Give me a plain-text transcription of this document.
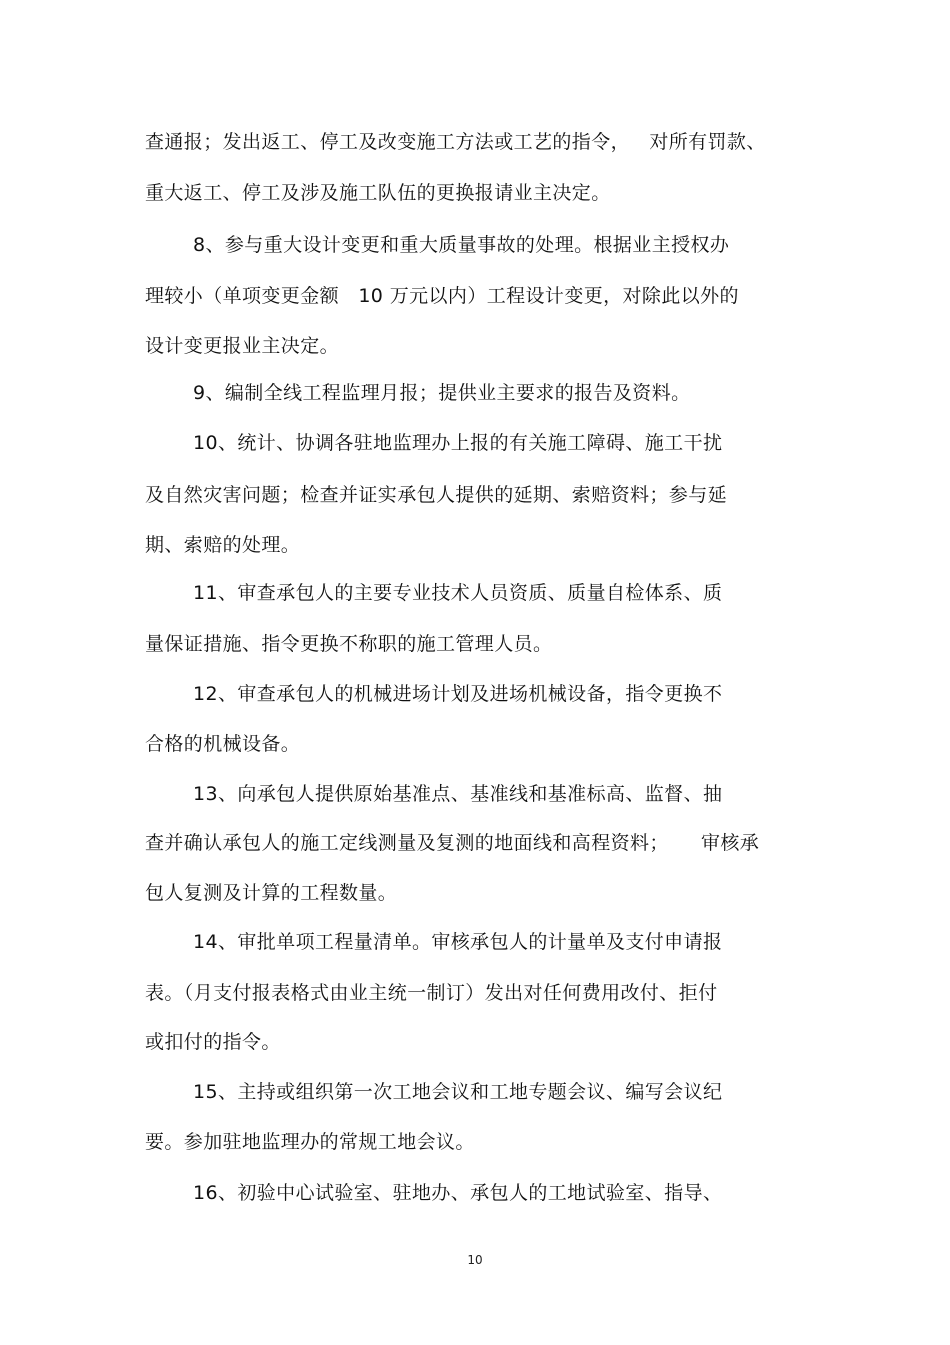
查通报；发出返工、停工及改变施工方法或工艺的指令，   对所有罚款、
重大返工、停工及涉及施工队伍的更换报请业主决定。
8、参与重大设计变更和重大质量事故的处理。根据业主授权办
理较小（单项变更金额   10 万元以内）工程设计变更，对除此以外的
设计变更报业主决定。
9、编制全线工程监理月报；提供业主要求的报告及资料。
10、统计、协调各驻地监理办上报的有关施工障碍、施工干扰
及自然灾害问题；检查并证实承包人提供的延期、索赔资料；参与延
期、索赔的处理。
11、审查承包人的主要专业技术人员资质、质量自检体系、质
量保证措施、指令更换不称职的施工管理人员。
12、审查承包人的机械进场计划及进场机械设备，指令更换不
合格的机械设备。
13、向承包人提供原始基准点、基准线和基准标高、监督、抽
查并确认承包人的施工定线测量及复测的地面线和高程资料；     审核承
包人复测及计算的工程数量。
14、审批单项工程量清单。审核承包人的计量单及支付申请报
表。（月支付报表格式由业主统一制订）发出对任何费用改付、拒付
或扣付的指令。
15、主持或组织第一次工地会议和工地专题会议、编写会议纪
要。参加驻地监理办的常规工地会议。
16、初验中心试验室、驻地办、承包人的工地试验室、指导、
10
